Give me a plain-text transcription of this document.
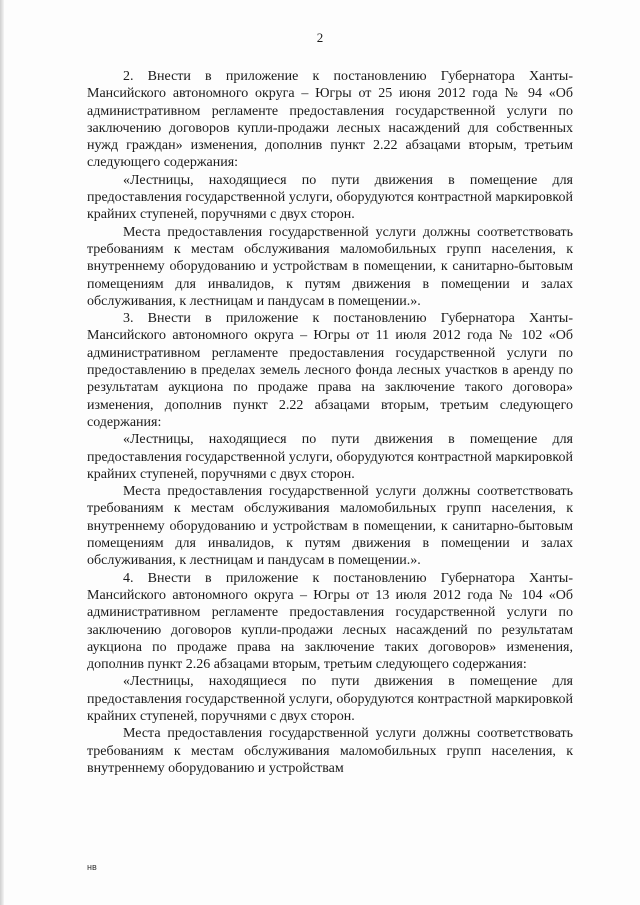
2

2. Внести в приложение к постановлению Губернатора Ханты-Мансийского автономного округа – Югры от 25 июня 2012 года № 94 «Об административном регламенте предоставления государственной услуги по заключению договоров купли-продажи лесных насаждений для собственных нужд граждан» изменения, дополнив пункт 2.22 абзацами вторым, третьим следующего содержания:

«Лестницы, находящиеся по пути движения в помещение для предоставления государственной услуги, оборудуются контрастной маркировкой крайних ступеней, поручнями с двух сторон.

Места предоставления государственной услуги должны соответствовать требованиям к местам обслуживания маломобильных групп населения, к внутреннему оборудованию и устройствам в помещении, к санитарно-бытовым помещениям для инвалидов, к путям движения в помещении и залах обслуживания, к лестницам и пандусам в помещении.».

3. Внести в приложение к постановлению Губернатора Ханты-Мансийского автономного округа – Югры от 11 июля 2012 года № 102 «Об административном регламенте предоставления государственной услуги по предоставлению в пределах земель лесного фонда лесных участков в аренду по результатам аукциона по продаже права на заключение такого договора» изменения, дополнив пункт 2.22 абзацами вторым, третьим следующего содержания:

«Лестницы, находящиеся по пути движения в помещение для предоставления государственной услуги, оборудуются контрастной маркировкой крайних ступеней, поручнями с двух сторон.

Места предоставления государственной услуги должны соответствовать требованиям к местам обслуживания маломобильных групп населения, к внутреннему оборудованию и устройствам в помещении, к санитарно-бытовым помещениям для инвалидов, к путям движения в помещении и залах обслуживания, к лестницам и пандусам в помещении.».

4. Внести в приложение к постановлению Губернатора Ханты-Мансийского автономного округа – Югры от 13 июля 2012 года № 104 «Об административном регламенте предоставления государственной услуги по заключению договоров купли-продажи лесных насаждений по результатам аукциона по продаже права на заключение таких договоров» изменения, дополнив пункт 2.26 абзацами вторым, третьим следующего содержания:

«Лестницы, находящиеся по пути движения в помещение для предоставления государственной услуги, оборудуются контрастной маркировкой крайних ступеней, поручнями с двух сторон.

Места предоставления государственной услуги должны соответствовать требованиям к местам обслуживания маломобильных групп населения, к внутреннему оборудованию и устройствам

нв
